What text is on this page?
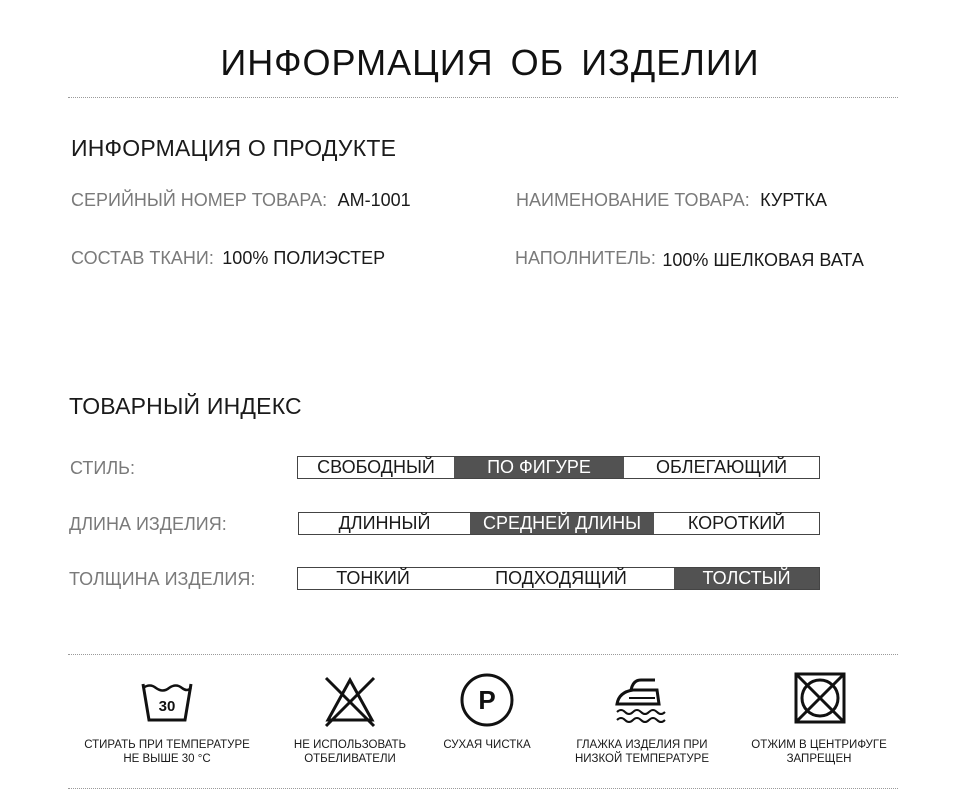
ИНФОРМАЦИЯ ОБ ИЗДЕЛИИ
ИНФОРМАЦИЯ О ПРОДУКТЕ
СЕРИЙНЫЙ НОМЕР ТОВАРА: AM-1001	НАИМЕНОВАНИЕ ТОВАРА: КУРТКА
СОСТАВ ТКАНИ: 100% ПОЛИЭСТЕР	НАПОЛНИТЕЛЬ: 100% ШЕЛКОВАЯ ВАТА
ТОВАРНЫЙ ИНДЕКС
СТИЛЬ:	СВОБОДНЫЙ	ПО ФИГУРЕ	ОБЛЕГАЮЩИЙ
ДЛИНА ИЗДЕЛИЯ:	ДЛИННЫЙ	СРЕДНЕЙ ДЛИНЫ	КОРОТКИЙ
ТОЛЩИНА ИЗДЕЛИЯ:	ТОНКИЙ	ПОДХОДЯЩИЙ	ТОЛСТЫЙ
30	P
СТИРАТЬ ПРИ ТЕМПЕРАТУРЕ
НЕ ВЫШЕ 30 °С
НЕ ИСПОЛЬЗОВАТЬ
ОТБЕЛИВАТЕЛИ
СУХАЯ ЧИСТКА	ГЛАЖКА ИЗДЕЛИЯ ПРИ
НИЗКОЙ ТЕМПЕРАТУРЕ
ОТЖИМ В ЦЕНТРИФУГЕ
ЗАПРЕЩЕН
